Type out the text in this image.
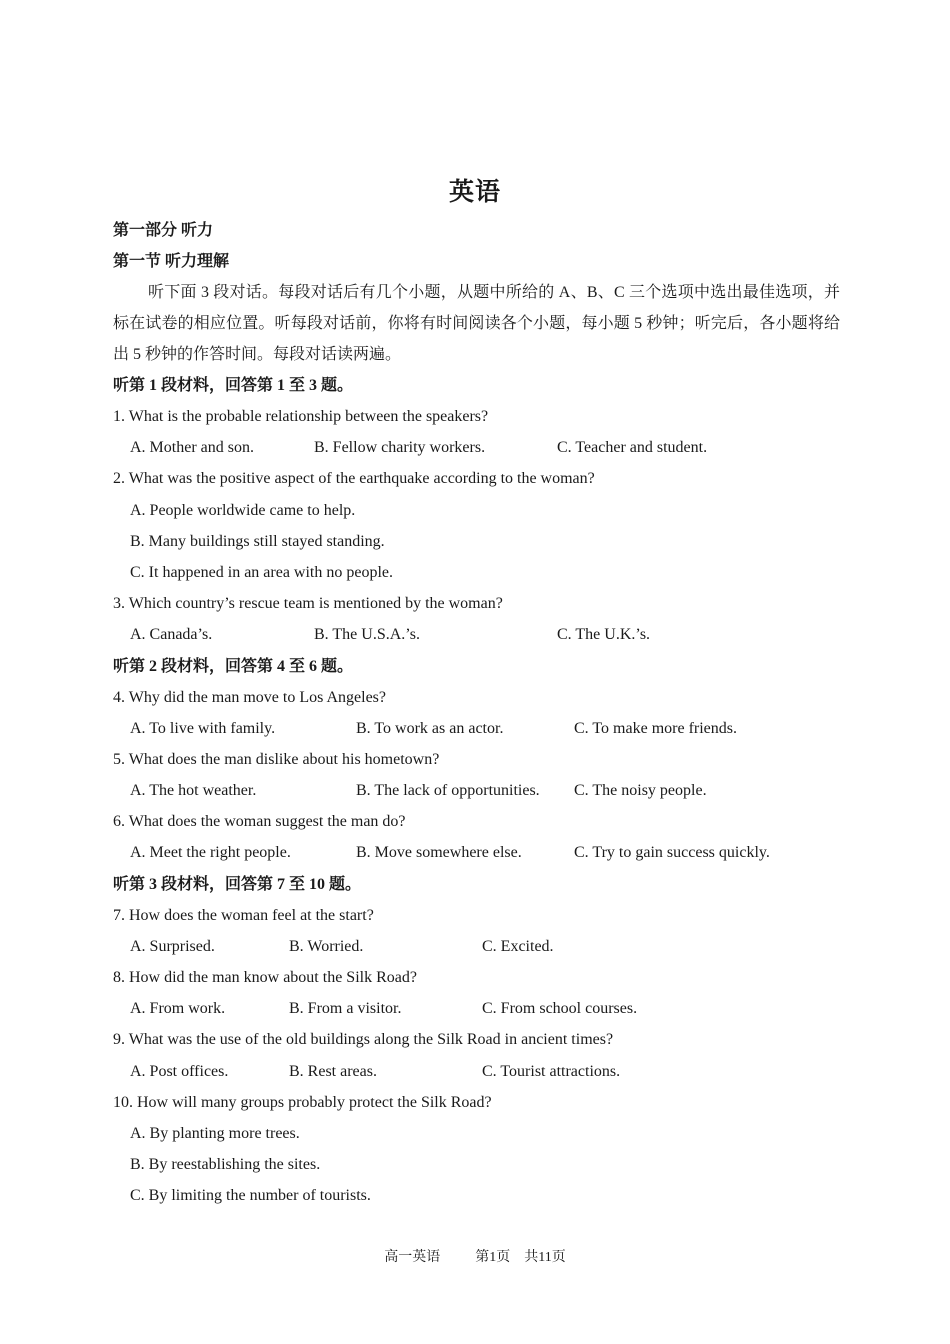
英语
第一部分 听力
第一节 听力理解
听下面 3 段对话。每段对话后有几个小题，从题中所给的 A、B、C 三个选项中选出最佳选项，并标在试卷的相应位置。听每段对话前，你将有时间阅读各个小题，每小题 5 秒钟；听完后，各小题将给出 5 秒钟的作答时间。每段对话读两遍。
听第 1 段材料，回答第 1 至 3 题。
1. What is the probable relationship between the speakers?
A. Mother and son.	B. Fellow charity workers.	C. Teacher and student.
2. What was the positive aspect of the earthquake according to the woman?
A. People worldwide came to help.
B. Many buildings still stayed standing.
C. It happened in an area with no people.
3. Which country’s rescue team is mentioned by the woman?
A. Canada’s.	B. The U.S.A.’s.	C. The U.K.’s.
听第 2 段材料，回答第 4 至 6 题。
4. Why did the man move to Los Angeles?
A. To live with family.	B. To work as an actor.	C. To make more friends.
5. What does the man dislike about his hometown?
A. The hot weather.	B. The lack of opportunities. C. The noisy people.
6. What does the woman suggest the man do?
A. Meet the right people.	B. Move somewhere else.	C. Try to gain success quickly.
听第 3 段材料，回答第 7 至 10 题。
7. How does the woman feel at the start?
A. Surprised.	B. Worried.	C. Excited.
8. How did the man know about the Silk Road?
A. From work.	B. From a visitor.	C. From school courses.
9. What was the use of the old buildings along the Silk Road in ancient times?
A. Post offices.	B. Rest areas.	C. Tourist attractions.
10. How will many groups probably protect the Silk Road?
A. By planting more trees.
B. By reestablishing the sites.
C. By limiting the number of tourists.
高一英语	第1页 共11页
